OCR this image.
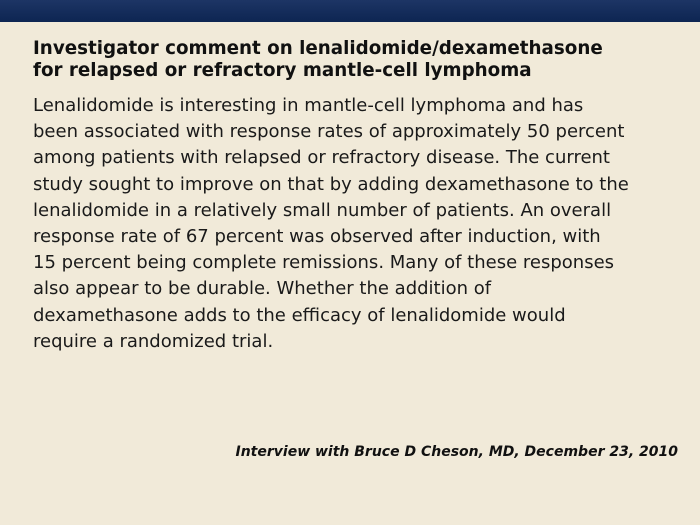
Investigator comment on lenalidomide/dexamethasone
for relapsed or refractory mantle-cell lymphoma

Lenalidomide is interesting in mantle-cell lymphoma and has
been associated with response rates of approximately 50 percent
among patients with relapsed or refractory disease. The current
study sought to improve on that by adding dexamethasone to the
lenalidomide in a relatively small number of patients. An overall
response rate of 67 percent was observed after induction, with
15 percent being complete remissions. Many of these responses
also appear to be durable. Whether the addition of
dexamethasone adds to the efficacy of lenalidomide would
require a randomized trial.

Interview with Bruce D Cheson, MD, December 23, 2010
